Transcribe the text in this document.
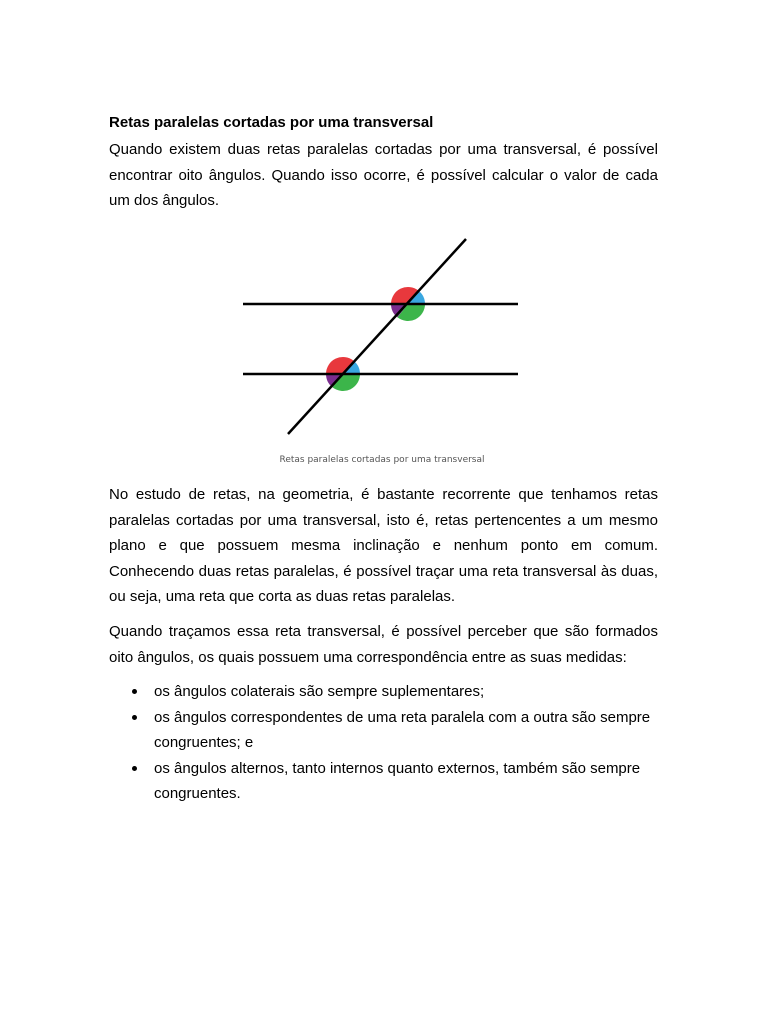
Retas paralelas cortadas por uma transversal

Quando existem duas retas paralelas cortadas por uma transversal, é possível encontrar oito ângulos. Quando isso ocorre, é possível calcular o valor de cada um dos ângulos.

Retas paralelas cortadas por uma transversal

No estudo de retas, na geometria, é bastante recorrente que tenhamos retas paralelas cortadas por uma transversal, isto é, retas pertencentes a um mesmo plano e que possuem mesma inclinação e nenhum ponto em comum. Conhecendo duas retas paralelas, é possível traçar uma reta transversal às duas, ou seja, uma reta que corta as duas retas paralelas.

Quando traçamos essa reta transversal, é possível perceber que são formados oito ângulos, os quais possuem uma correspondência entre as suas medidas:

os ângulos colaterais são sempre suplementares;
os ângulos correspondentes de uma reta paralela com a outra são sempre congruentes; e
os ângulos alternos, tanto internos quanto externos, também são sempre congruentes.
